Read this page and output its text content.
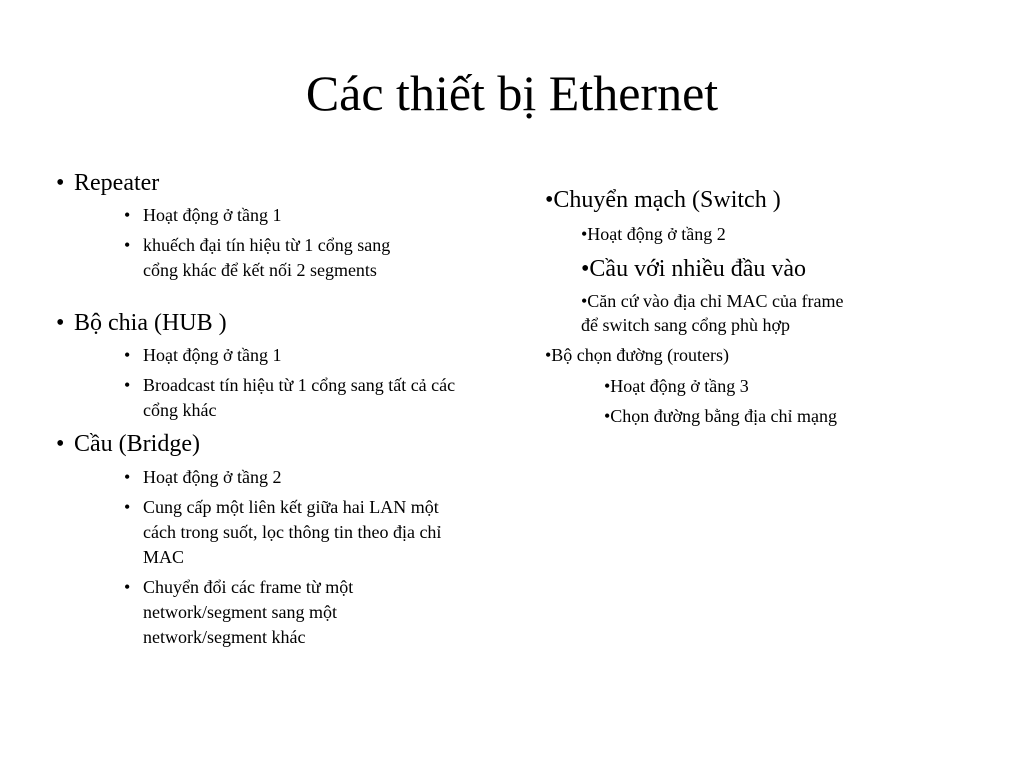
Các thiết bị Ethernet
• Repeater
• Hoạt động ở tầng 1
• khuếch đại tín hiệu từ 1 cổng sang
cổng khác để kết nối 2 segments
• Bộ chia (HUB )
• Hoạt động ở tầng 1
• Broadcast tín hiệu từ 1 cổng sang tất cả các
cổng khác
• Cầu (Bridge)
• Hoạt động ở tầng 2
• Cung cấp một liên kết giữa hai LAN một
cách trong suốt, lọc thông tin theo địa chỉ
MAC
• Chuyển đổi các frame từ một
network/segment sang một
network/segment khác
•Chuyển mạch (Switch )
•Hoạt động ở tầng 2
•Cầu với nhiều đầu vào
•Căn cứ vào địa chỉ MAC của frame
để switch sang cổng phù hợp
•Bộ chọn đường (routers)
•Hoạt động ở tầng 3
•Chọn đường bằng địa chỉ mạng
